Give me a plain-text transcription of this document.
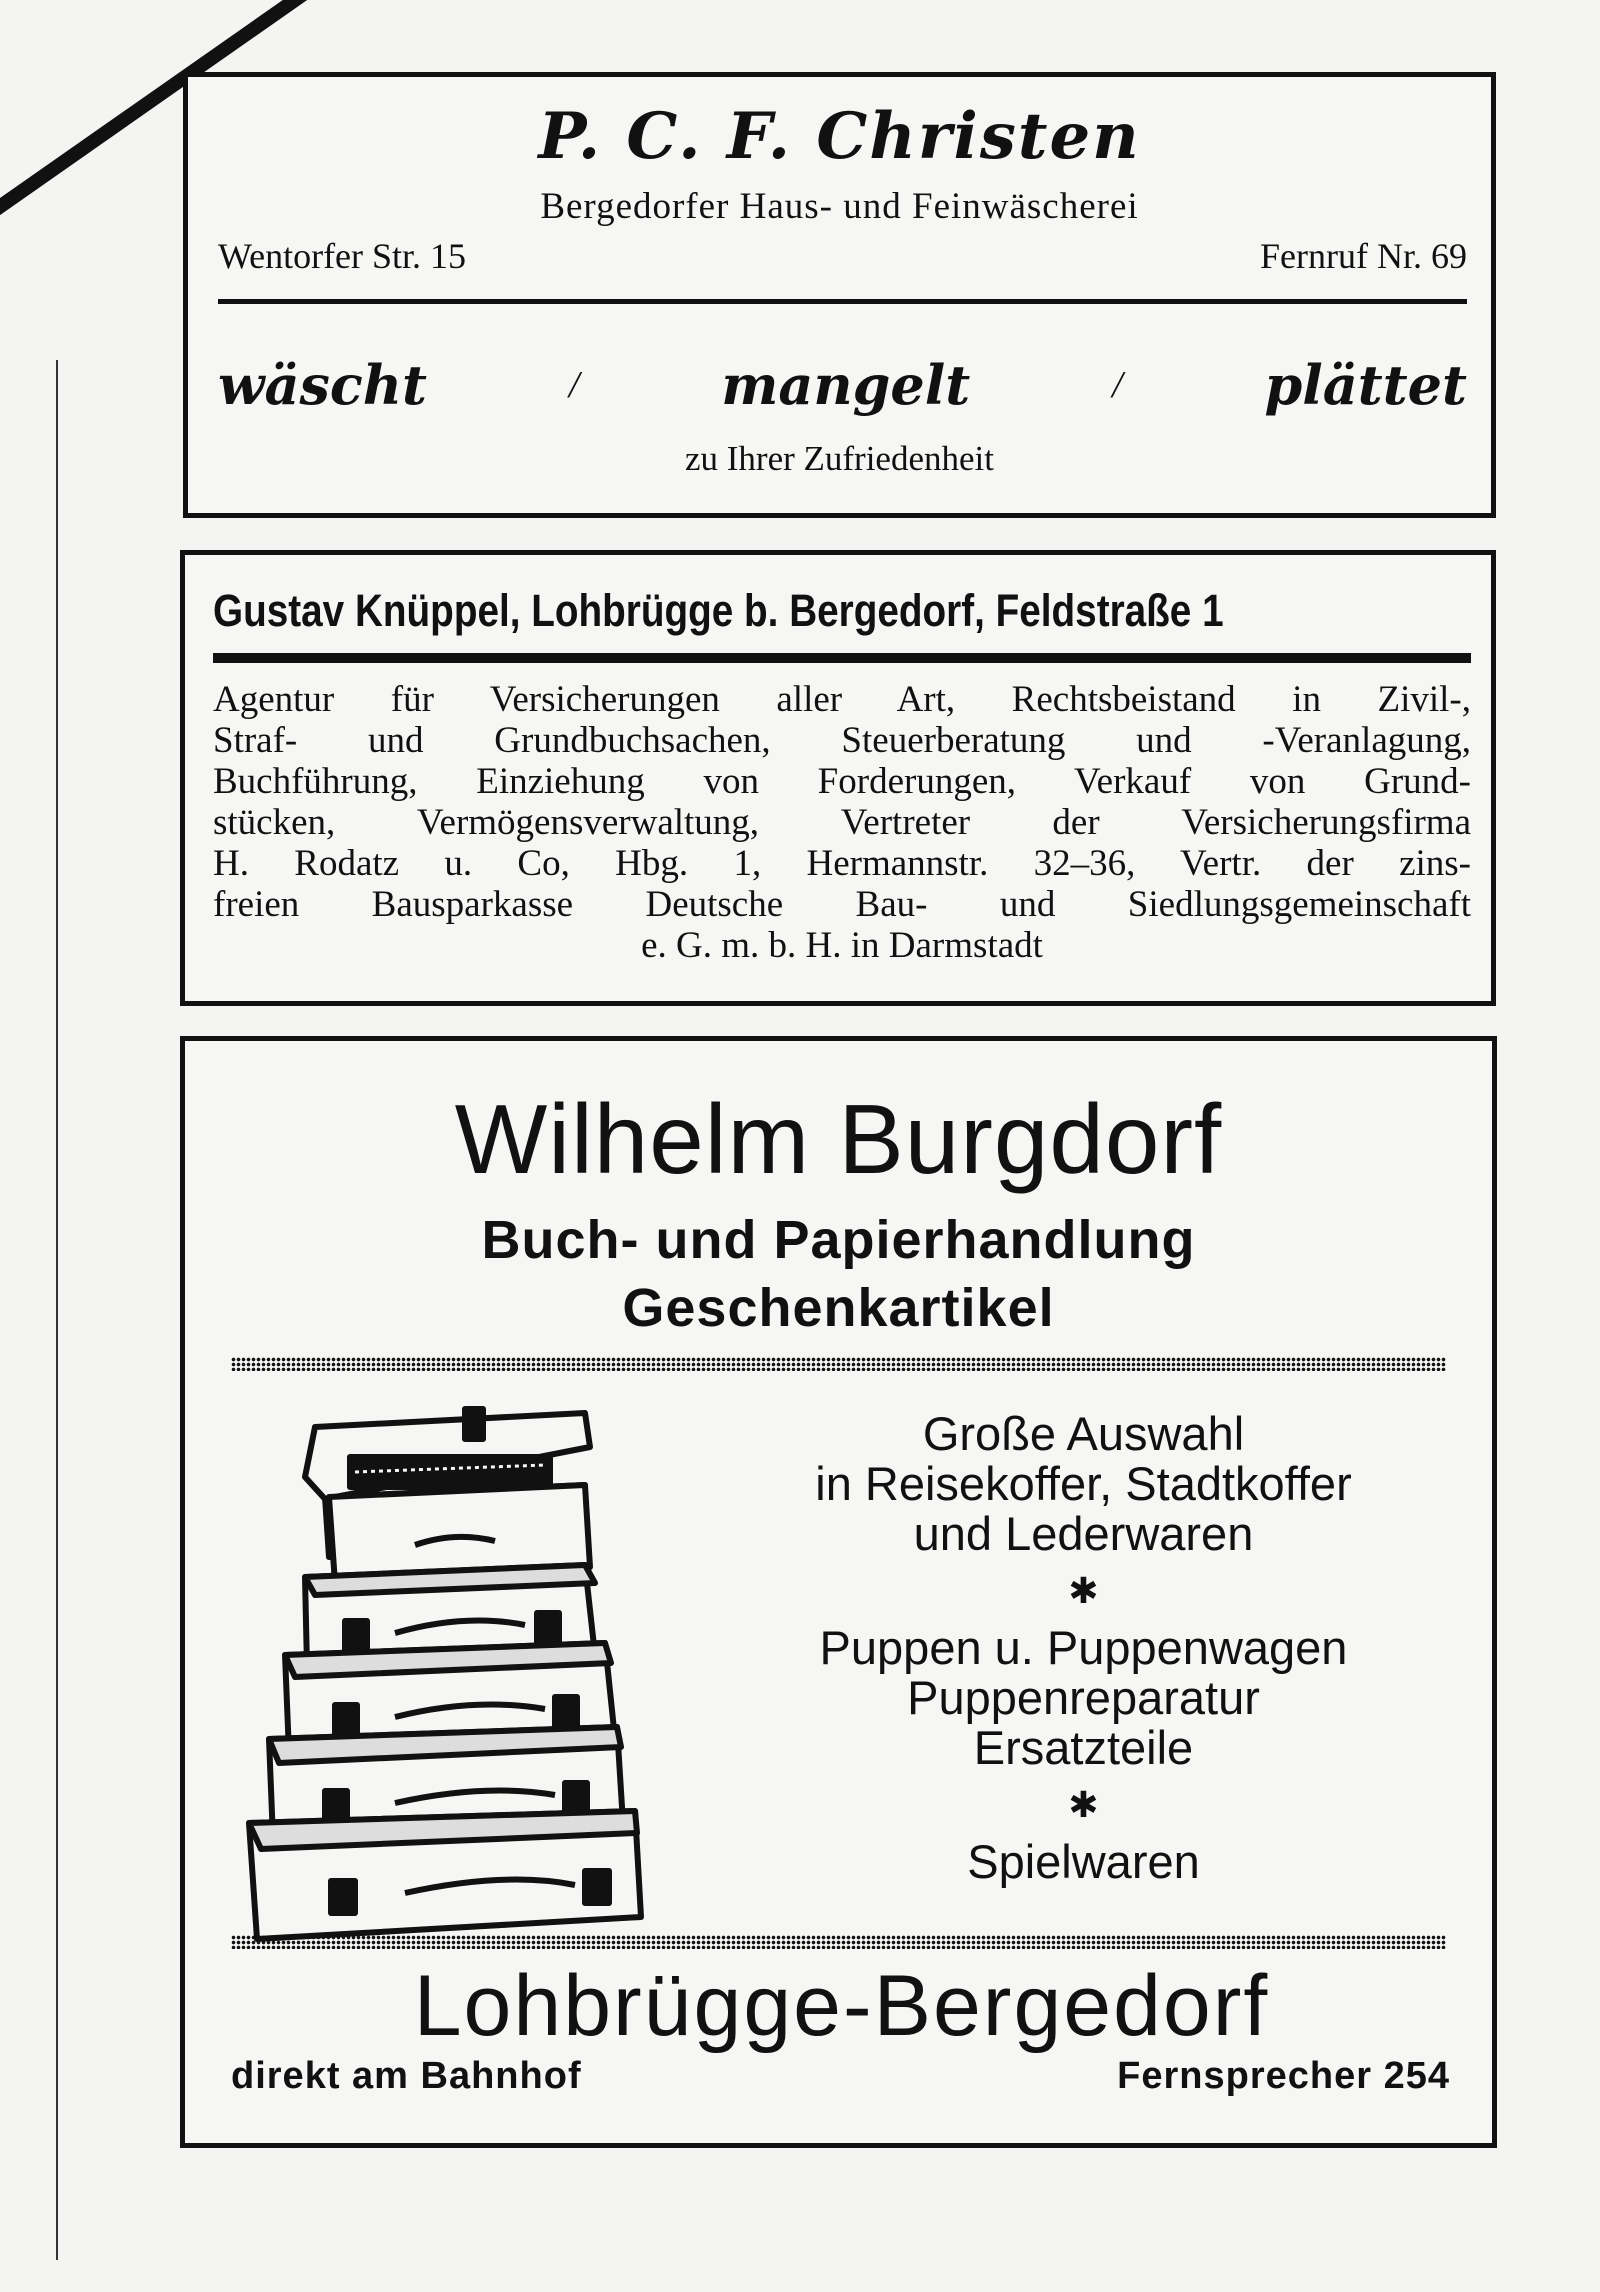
P. C. F. Christen
Bergedorfer Haus- und Feinwäscherei
Wentorfer Str. 15	Fernruf Nr. 69
wäscht	/	mangelt	/	plättet
zu Ihrer Zufriedenheit
Gustav Knüppel, Lohbrügge b. Bergedorf, Feldstraße 1
Agentur für Versicherungen aller Art, Rechtsbeistand in Zivil-,
Straf- und Grundbuchsachen, Steuerberatung und -Veranlagung,
Buchführung, Einziehung von Forderungen, Verkauf von Grund-
stücken, Vermögensverwaltung, Vertreter der Versicherungsfirma
H. Rodatz u. Co, Hbg. 1, Hermannstr. 32–36, Vertr. der zins-
freien Bausparkasse Deutsche Bau- und Siedlungsgemeinschaft
e. G. m. b. H. in Darmstadt
Wilhelm Burgdorf
Buch- und Papierhandlung
Geschenkartikel
Große Auswahl
in Reisekoffer, Stadtkoffer
und Lederwaren
✱
Puppen u. Puppenwagen
Puppenreparatur
Ersatzteile
✱
Spielwaren
Lohbrügge-Bergedorf
direkt am Bahnhof	Fernsprecher 254
